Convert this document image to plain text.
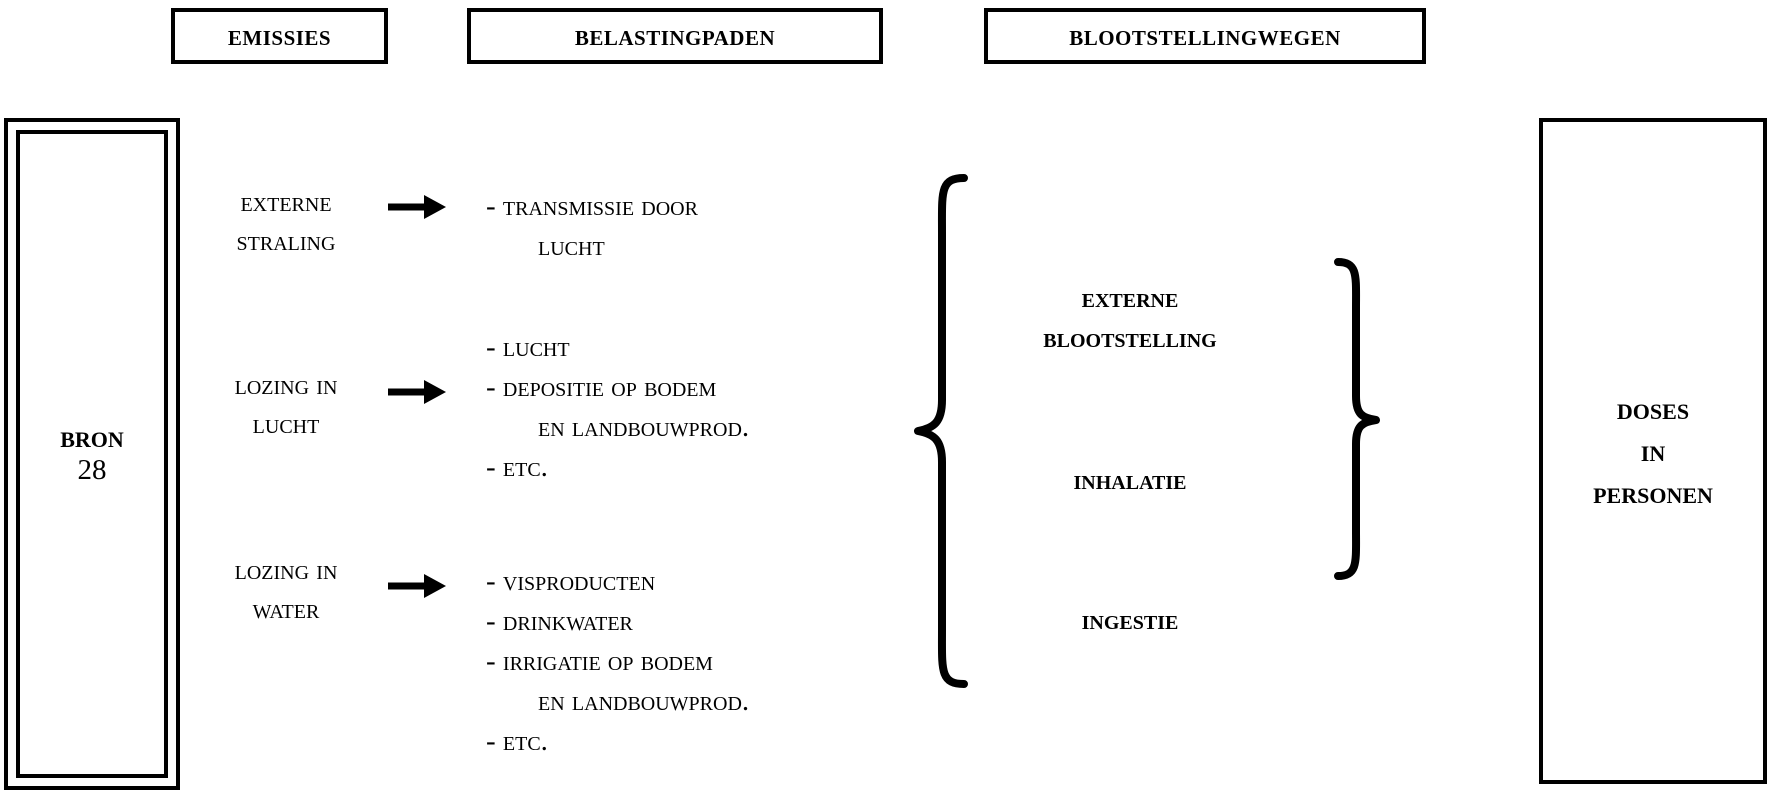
emissies	belastingpaden	blootstellingwegen
bron
28
externe
straling
lozing in
lucht
lozing in
water
- transmissie door
lucht
- lucht
- depositie op bodem
en landbouwprod.
- etc.
- visproducten
- drinkwater
- irrigatie op bodem
en landbouwprod.
- etc.
externe
blootstelling
inhalatie
ingestie
doses
in
personen
